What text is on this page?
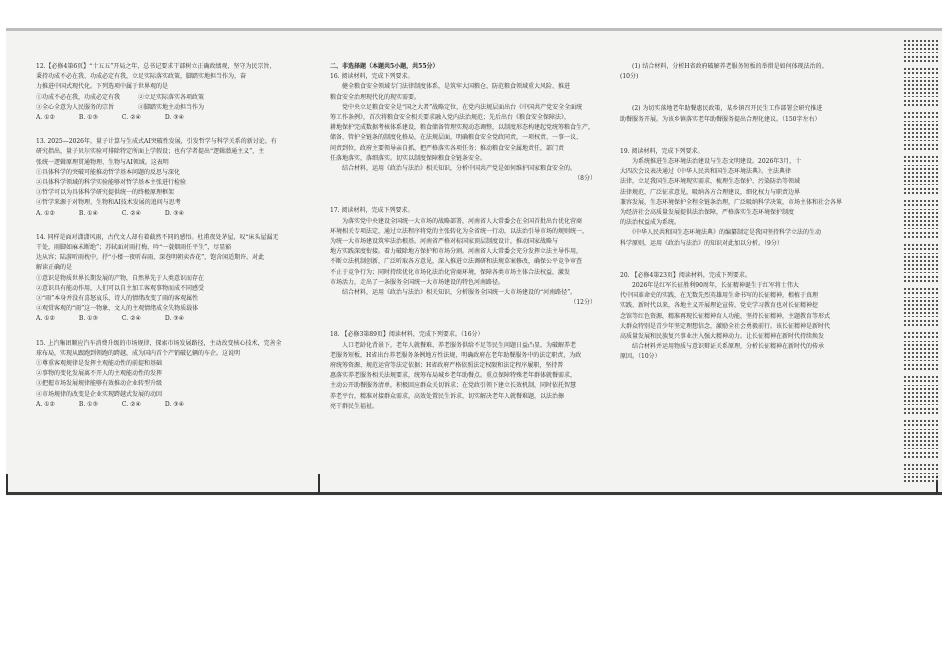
12.【必修4第6页】“十五五”开局之年，总书记要求干部树立正确政绩观，坚守为民宗旨，

秉持功成不必在我、功成必定有我，立足实际落实政策，脚踏实地担当作为，奋

力推进中国式现代化。下列选项中属于世界观的是

①功成不必在我，功成必定有我　　　②立足实际落实各项政策

③全心全意为人民服务的宗旨　　　　④脚踏实地主动担当作为

A. ①②　　　　B. ①③　　　　C. ②④　　　　D. ③④

13. 2025—2026年，量子计算与生成式AI突破性发展，引发哲学与科学关系的新讨论。有

研究指出，量子贝尔实验可排除特定所面上学假设；也有学者提出“逻辑潜通主义”，主

张统一逻辑原理贯通物理、生物与AI领域。这表明

①具体科学的突破可能推动哲学基本问题的反思与深化

②具体科学领域的科学实验能够对哲学基本主张进行检验

③哲学可以为具体科学研究提供统一的终极原理框架

④哲学来源于对物理、生物和AI技术发展的追问与思考

A. ①②　　　　B. ①④　　　　C. ②④　　　　D. ③④

14. 同样是面对潇潇风雨，古代文人却有着截然不同的感悟。杜甫夜处茅屋，叹“床头屋漏无

干处，雨脚如麻未断绝”；苏轼面对雨打梅，吟“一蓑烟雨任平生”，尽显豁

达从容；陆游听雨枕中，抒“小楼一夜听春雨，深巷明朝卖杏花”，饱含闲适期许。对此

解读正确的是

①意识是物质世界长期发展的产物，自然界先于人类意识而存在

②意识具有能动作用，人们可以自主加工客观事物而成不同感受

③“雨”本身并没有喜怒哀乐，诗人的情绪改变了雨的客观属性

④观赏客观的“雨”这一物象，文人的主观情绪成全失物质载体

A. ①②　　　　B. ①③　　　　C. ②④　　　　D. ③④

15. 上汽集团顺应汽车消费升级的市场规律，探索市场发展路径，主动改变核心技术，完善全

球布局，实现从跟跑到领跑的跨越，成为国内首个产销破亿辆的车企。这说明

①尊重客观规律是发挥主观能动性的前提和基础

②事物的变化发展离不开人的主观能动性的发挥

③把握市场发展规律能够有效推动企业转型升级

④市场规律的改变是企业实现跨越式发展的动因

A. ①②　　　　B. ①③　　　　C. ②④　　　　D. ③④

二、非选择题（本题共5小题，共55分）

16. 阅读材料，完成下列要求。

　　健全粮食安全领域专门法律制度体系，是筑牢大国粮仓、防范粮食领域重大风险、推进

粮食安全治理现代化的现实需要。

　　党中央立足粮食安全是“国之大者”战略定位，在党内法规层面出台《中国共产党安全全面统

筹工作条例》，首次将粮食安全相关要求融入党内法治规范；先后出台《粮食安全保障法》，

耕地保护完成数据考核体系建设，粮食储备管理实现动态调整，以制度形态构建起党统筹粮食生产，

储备、管护全链条的制度化格局，在法规层面，明确粮食安全党政同责，一项权责、一事一议、

问责到位，政府主要领导亲自抓，把严格落实各项任务；推动粮食安全属地责任，部门责

任落地落实，落细落实。切实以制度保障粮食全链条安全。

　　结合材料，运用《政治与法治》相关知识，分析中国共产党是如何维护国家粮食安全的。

（8分）

17. 阅读材料，完成下列要求。

　　为落实党中央建设全国统一大市场的战略部署，河南省人大常委会在全国首批出台优化营商

环境相关专项法定，通过立法程序将党的主张转化为全省统一行动，以法治引导市场的规则统一，

为统一大市场建设筑牢法治根基。河南省严格对标国家顶层制度设计，推动国家战略与

地方实践深度衔接。着力破除地方保护和市场分割。河南省人大常委会充分发挥立法主导作用，

不断立法机制创新，广泛听取各方意见，深入推进立法调研和法规草案修改，确保公平竞争审查

不止于竞争行为；同时持续优化市场化法治化营商环境，保障各类市场主体合法权益，激发

市场活力，走出了一条服务全国统一大市场建设的特色河南路径。

　　结合材料，运用《政治与法治》相关知识，分析服务全国统一大市场建设的“河南路径”。

（12分）

18. 【必修3第89页】阅读材料，完成下列要求。（16分）

　　人口老龄化背景下，老年人就餐难、养老服务供给不足等民生问题日益凸显，为破解养老

老服务短板，H省出台养老服务条例地方性法规，明确政府在老年助餐服务中的法定职责，为政

府统筹资源、规范运营等法定依据；H省政府严格依照法定权限和法定程序履职，坚持普

惠落实养老服务相关法规要求，统筹布局城乡老年助餐点。重点保障特殊老年群体就餐需求，

主动公开助餐服务清单，积极回应群众关切诉求；在党政引领下建立长效机制，同时依托智慧

养老平台，精准对接群众需求，高效处置民生诉求，切实解决老年人就餐难题，以法治擦

亮干群民生福祉。

　　(1) 结合材料，分析H省政府破解养老服务短板的举措是如何体现法治的。

(10分)

　　(2) 为切实落地老年助餐惠民政策，某乡镇召开民生工作部署会研究推进

助餐服务开展。为该乡镇落实老年助餐服务提出合理化建议。（150字左右）

19. 阅读材料，完成下列要求。

　　为系统推进生态环境法治建设与生态文明建设。2026年3月，十

大四次会议表决通过《中华人民共和国生态环境法典》。主法典律

法律，立足我国生态环境现实需求，梳理生态保护、污染防治等领域

法律规范，广泛征求意见，吸纳各方合理建议，细化权力与职责边界

兼容发展，生态环境保护全程全链条治理，广泛吸纳科学决策，市场主体和社会各界

为经济社会高质量发展提供法治保障，严格落实生态环境保护制度

的法治权益成为系统。

　　《中华人民共和国生态环境法典》的编纂制定是我国坚持科学立法的生动

科学原则，运用《政治与法治》的知识对此加以分析。（9分）

20. 【必修4第23页】阅读材料，完成下列要求。

　　2026年是红军长征胜利90周年，长征精神诞生于红军将士伟大

代中国革命史的实践，在无数先烈英雄用生命书写的长征精神，根植于真理

实践、新时代以来，各地主义开展理论宣传，党史学习教育也对长征精神挖

念馆等红色资源，精准再现长征精神育人功能，坚持长征精神，主题教育等形式

大群众特别是青少年坚定理想信念，激励全社会勇毅前行。该长征精神是新时代

高质量发展和民族复兴事业注入强大精神动力。让长征精神在新时代持续焕发

　　结合材料并运用物质与意识辩证关系原理，分析长征精神在新时代的传承

原因。（10分）
